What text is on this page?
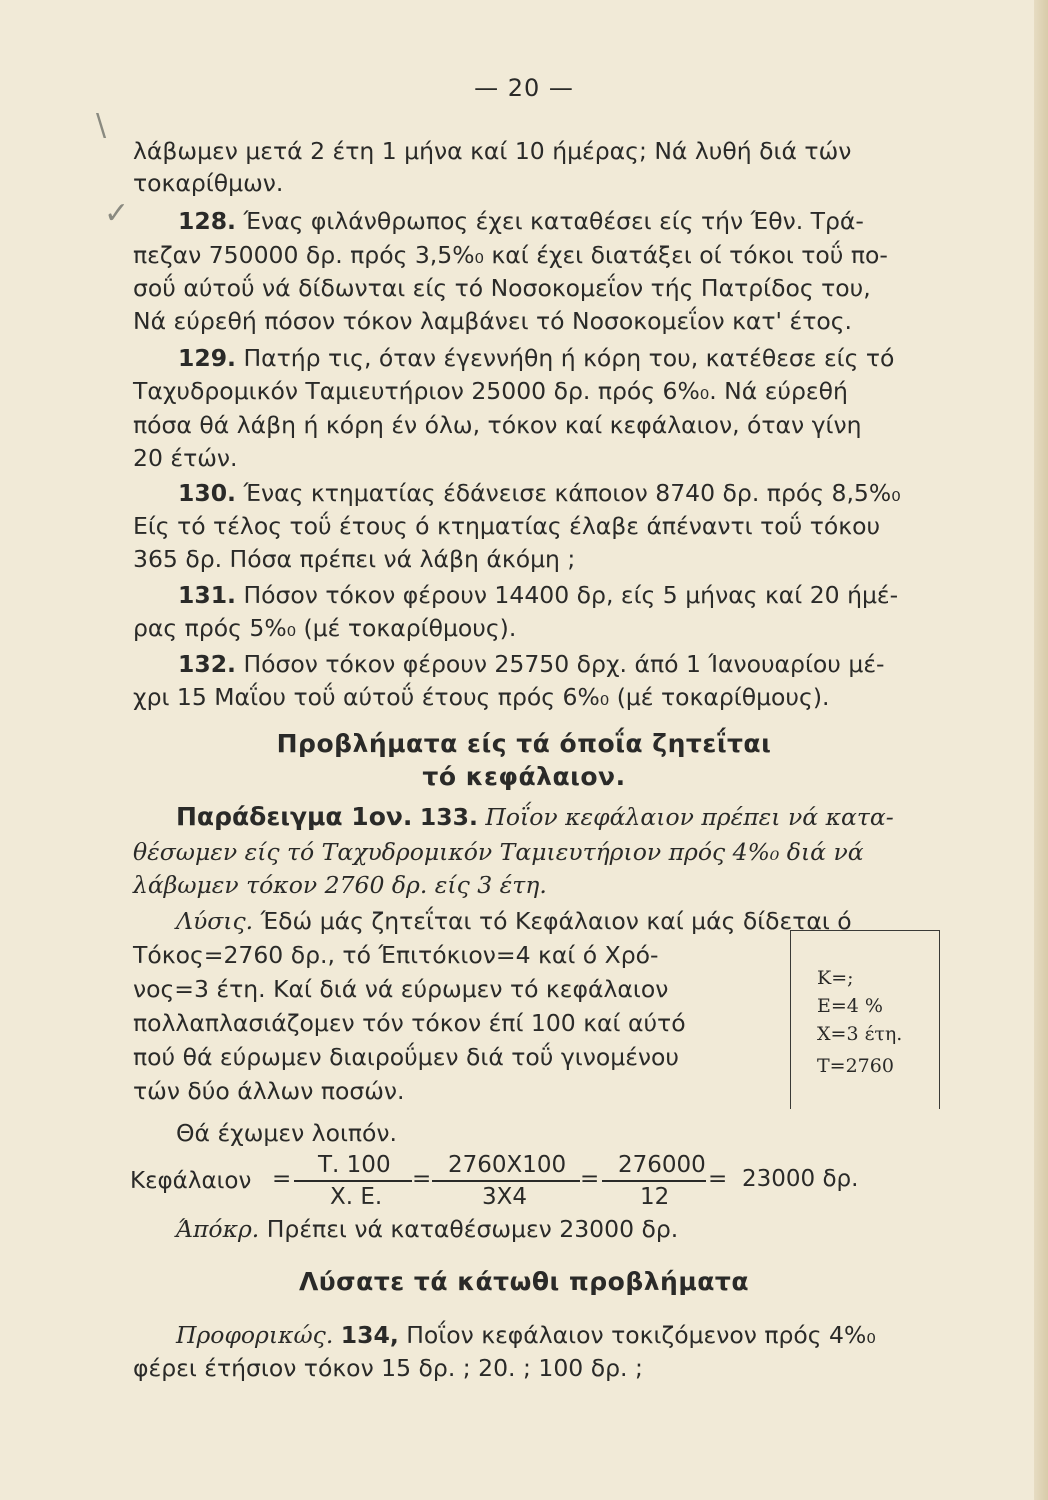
— 20 —
\
✓
λάβωμεν μετά 2 έτη 1 μήνα καί 10 ήμέρας; Νά λυθή διά τών
τοκαρίθμων.
128. Ένας φιλάνθρωπος έχει καταθέσει είς τήν Έθν. Τρά-
πεζαν 750000 δρ. πρός 3,5%₀ καί έχει διατάξει οί τόκοι τοΰ πο-
σοΰ αύτοΰ νά δίδωνται είς τό Νοσοκομεΐον τής Πατρίδος του,
Νά εύρεθή πόσον τόκον λαμβάνει τό Νοσοκομεΐον κατ' έτος.
129. Πατήρ τις, όταν έγεννήθη ή κόρη του, κατέθεσε είς τό
Ταχυδρομικόν Ταμιευτήριον 25000 δρ. πρός 6%₀. Νά εύρεθή
πόσα θά λάβη ή κόρη έν όλω, τόκον καί κεφάλαιον, όταν γίνη
20 έτών.
130. Ένας κτηματίας έδάνεισε κάποιον 8740 δρ. πρός 8,5%₀
Είς τό τέλος τοΰ έτους ό κτηματίας έλαβε άπέναντι τοΰ τόκου
365 δρ. Πόσα πρέπει νά λάβη άκόμη ;
131. Πόσον τόκον φέρουν 14400 δρ, είς 5 μήνας καί 20 ήμέ-
ρας πρός 5%₀ (μέ τοκαρίθμους).
132. Πόσον τόκον φέρουν 25750 δρχ. άπό 1 Ίανουαρίου μέ-
χρι 15 Μαΐου τοΰ αύτοΰ έτους πρός 6%₀ (μέ τοκαρίθμους).
Προβλήματα είς τά όποΐα ζητεΐται
τό κεφάλαιον.
Παράδειγμα 1ον. 133. Ποΐον κεφάλαιον πρέπει νά κατα-
θέσωμεν είς τό Ταχυδρομικόν Ταμιευτήριον πρός 4%₀ διά νά
λάβωμεν τόκον 2760 δρ. είς 3 έτη.
Λύσις. Έδώ μάς ζητεΐται τό Κεφάλαιον καί μάς δίδεται ό
Τόκος=2760 δρ., τό Έπιτόκιον=4 καί ό Χρό-
νος=3 έτη. Καί διά νά εύρωμεν τό κεφάλαιον
πολλαπλασιάζομεν τόν τόκον έπί 100 καί αύτό
πού θά εύρωμεν διαιροΰμεν διά τοΰ γινομένου
τών δύο άλλων ποσών.
Κ=;
Ε=4 %
Χ=3 έτη.
Τ=2760
Θά έχωμεν λοιπόν.
Κεφάλαιον =
Τ. 100
Χ. Ε.
=
2760Χ100
3Χ4
=
276000
12
= 23000 δρ.
Άπόκρ. Πρέπει νά καταθέσωμεν 23000 δρ.
Λύσατε τά κάτωθι προβλήματα
Προφορικώς. 134, Ποΐον κεφάλαιον τοκιζόμενον πρός 4%₀
φέρει έτήσιον τόκον 15 δρ. ; 20. ; 100 δρ. ;
